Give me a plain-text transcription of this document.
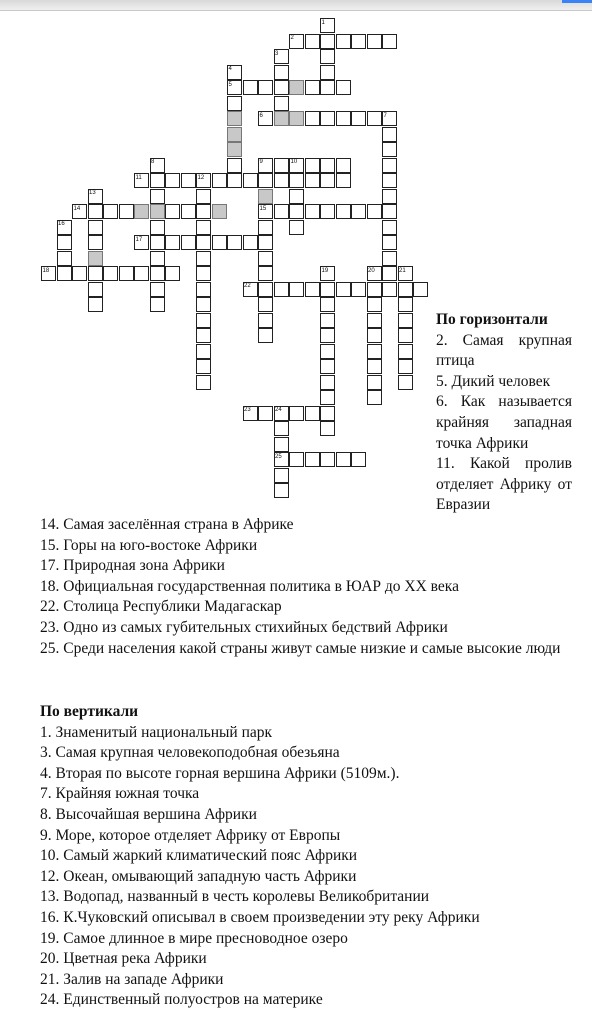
1
2
3
4
5
6	7
8	9	10
11	12
13
14	15
16
17
18	19	20	21
22
23	24
25

По горизонтали

2. Самая крупная птица

5. Дикий человек

6. Как называется крайняя западная точка Африки

11. Какой пролив отделяет Африку от Евразии

14. Самая заселённая страна в Африке

15. Горы на юго-востоке Африки

17. Природная зона Африки

18. Официальная государственная политика в ЮАР до XX века

22. Столица Республики Мадагаскар

23. Одно из самых губительных стихийных бедствий Африки

25. Среди населения какой страны живут самые низкие и самые высокие люди

По вертикали

1. Знаменитый национальный парк

3. Самая крупная человекоподобная обезьяна

4. Вторая по высоте горная вершина Африки (5109м.).

7. Крайняя южная точка

8. Высочайшая вершина Африки

9. Море, которое отделяет Африку от Европы

10. Самый жаркий климатический пояс Африки

12. Океан, омывающий западную часть Африки

13. Водопад, названный в честь королевы Великобритании

16. К.Чуковский описывал в своем произведении эту реку Африки

19. Самое длинное в мире пресноводное озеро

20. Цветная река Африки

21. Залив на западе Африки

24. Единственный полуостров на материке
